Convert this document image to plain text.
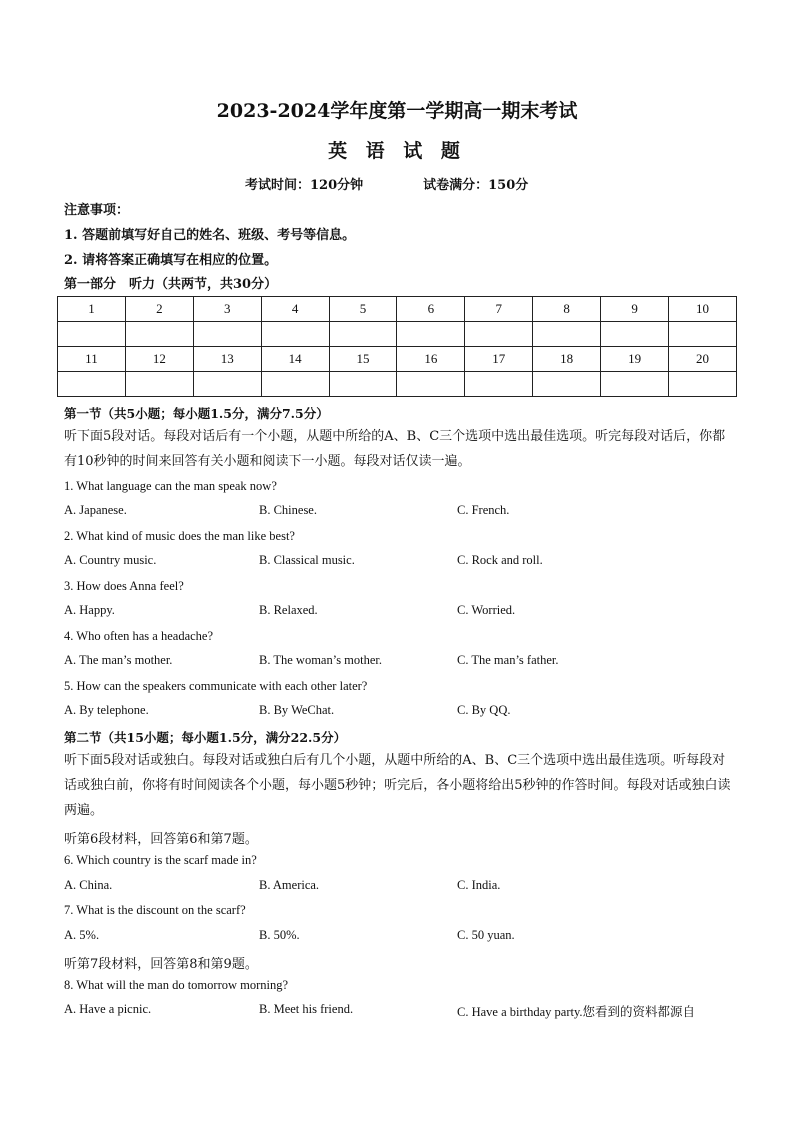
2023-2024学年度第一学期高一期末考试
英 语 试 题
考试时间：120分钟	试卷满分：150分
注意事项：
1. 答题前填写好自己的姓名、班级、考号等信息。
2. 请将答案正确填写在相应的位置。
第一部分　听力（共两节，共30分）
1	2	3	4	5	6	7	8	9	10

11	12	13	14	15	16	17	18	19	20

第一节（共5小题；每小题1.5分，满分7.5分）
听下面5段对话。每段对话后有一个小题，从题中所给的A、B、C三个选项中选出最佳选项。听完每段对话后，你都有10秒钟的时间来回答有关小题和阅读下一小题。每段对话仅读一遍。
1. What language can the man speak now?
A. Japanese.	B. Chinese.	C. French.
2. What kind of music does the man like best?
A. Country music.	B. Classical music.	C. Rock and roll.
3. How does Anna feel?
A. Happy.	B. Relaxed.	C. Worried.
4. Who often has a headache?
A. The man’s mother.	B. The woman’s mother.	C. The man’s father.
5. How can the speakers communicate with each other later?
A. By telephone.	B. By WeChat.	C. By QQ.
第二节（共15小题；每小题1.5分，满分22.5分）
听下面5段对话或独白。每段对话或独白后有几个小题，从题中所给的A、B、C三个选项中选出最佳选项。听每段对话或独白前，你将有时间阅读各个小题，每小题5秒钟；听完后，各小题将给出5秒钟的作答时间。每段对话或独白读两遍。
听第6段材料，回答第6和第7题。
6. Which country is the scarf made in?
A. China.	B. America.	C. India.
7. What is the discount on the scarf?
A. 5%.	B. 50%.	C. 50 yuan.
听第7段材料，回答第8和第9题。
8. What will the man do tomorrow morning?
A. Have a picnic.	B. Meet his friend.	C. Have a birthday party.您看到的资料都源自
